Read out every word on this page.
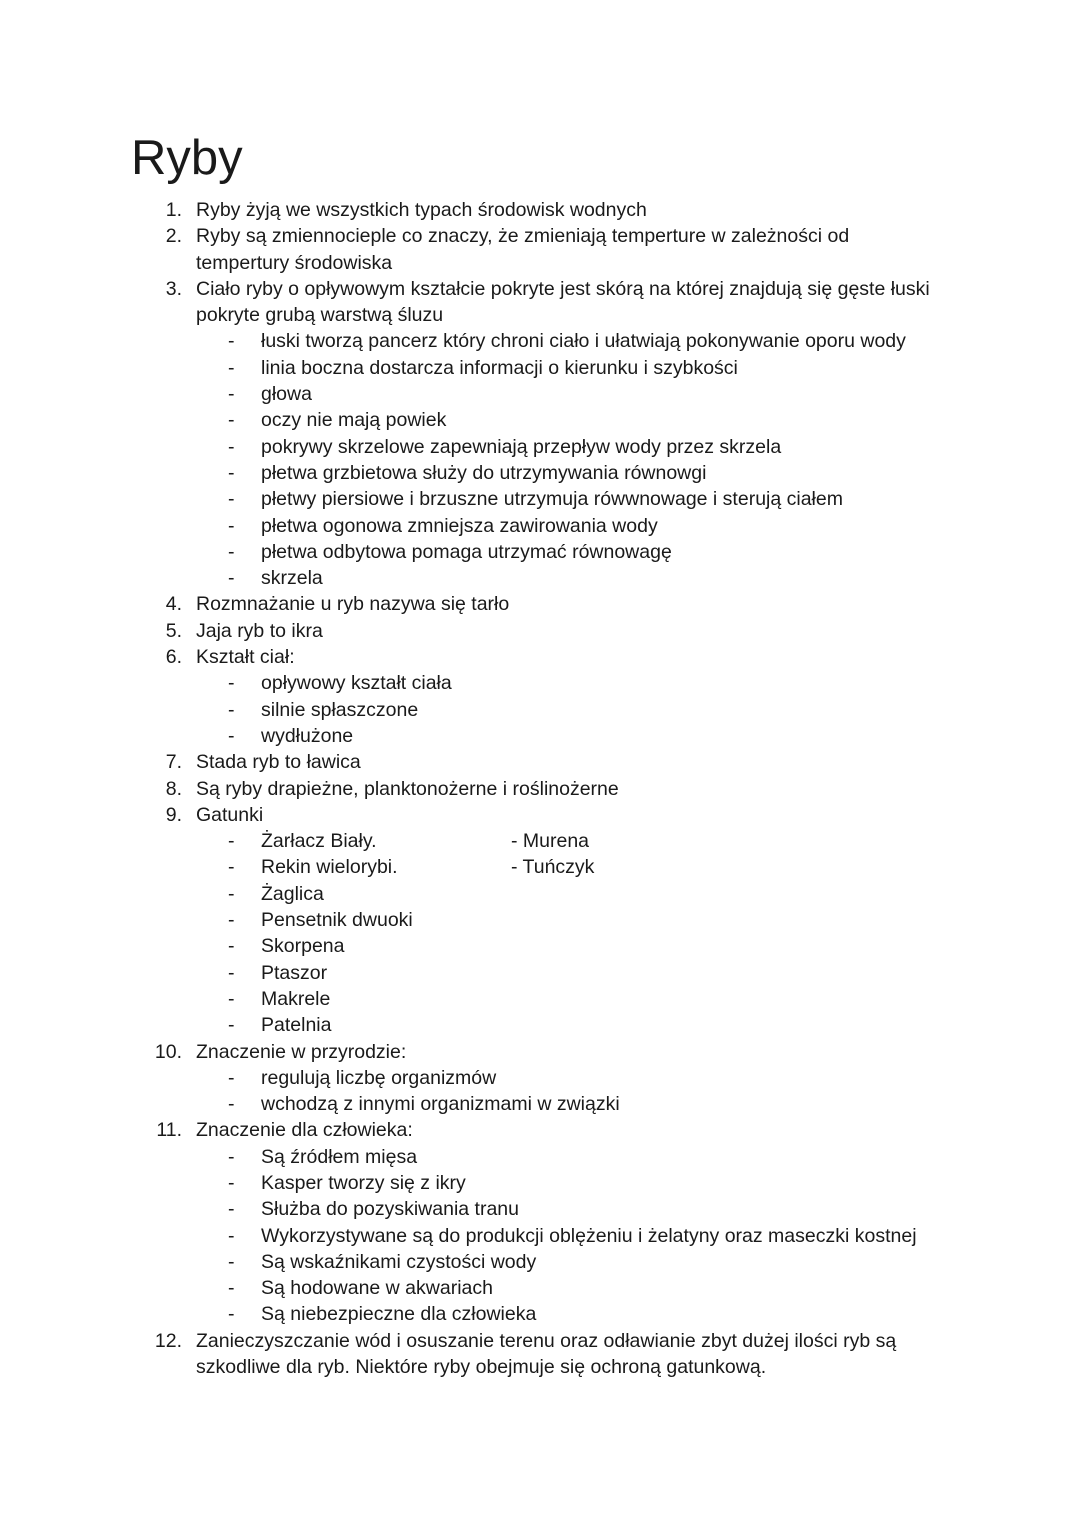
Ryby
1. Ryby żyją we wszystkich typach środowisk wodnych
2. Ryby są zmiennocieple co znaczy, że zmieniają temperture w zależności od
tempertury środowiska
3. Ciało ryby o opływowym kształcie pokryte jest skórą na której znajdują się gęste łuski
pokryte grubą warstwą śluzu
- łuski tworzą pancerz który chroni ciało i ułatwiają pokonywanie oporu wody
- linia boczna dostarcza informacji o kierunku i szybkości
- głowa
- oczy nie mają powiek
- pokrywy skrzelowe zapewniają przepływ wody przez skrzela
- płetwa grzbietowa służy do utrzymywania równowgi
- płetwy piersiowe i brzuszne utrzymuja rówwnowage i sterują ciałem
- płetwa ogonowa zmniejsza zawirowania wody
- płetwa odbytowa pomaga utrzymać równowagę
- skrzela
4. Rozmnażanie u ryb nazywa się tarło
5. Jaja ryb to ikra
6. Kształt ciał:
- opływowy kształt ciała
- silnie spłaszczone
- wydłużone
7. Stada ryb to ławica
8. Są ryby drapieżne, planktonożerne i roślinożerne
9. Gatunki
- Żarłacz Biały.	- Murena
- Rekin wielorybi.	- Tuńczyk
- Żaglica
- Pensetnik dwuoki
- Skorpena
- Ptaszor
- Makrele
- Patelnia
10. Znaczenie w przyrodzie:
- regulują liczbę organizmów
- wchodzą z innymi organizmami w związki
11. Znaczenie dla człowieka:
- Są źródłem mięsa
- Kasper tworzy się z ikry
- Służba do pozyskiwania tranu
- Wykorzystywane są do produkcji oblężeniu i żelatyny oraz maseczki kostnej
- Są wskaźnikami czystości wody
- Są hodowane w akwariach
- Są niebezpieczne dla człowieka
12. Zanieczyszczanie wód i osuszanie terenu oraz odławianie zbyt dużej ilości ryb są
szkodliwe dla ryb. Niektóre ryby obejmuje się ochroną gatunkową.
